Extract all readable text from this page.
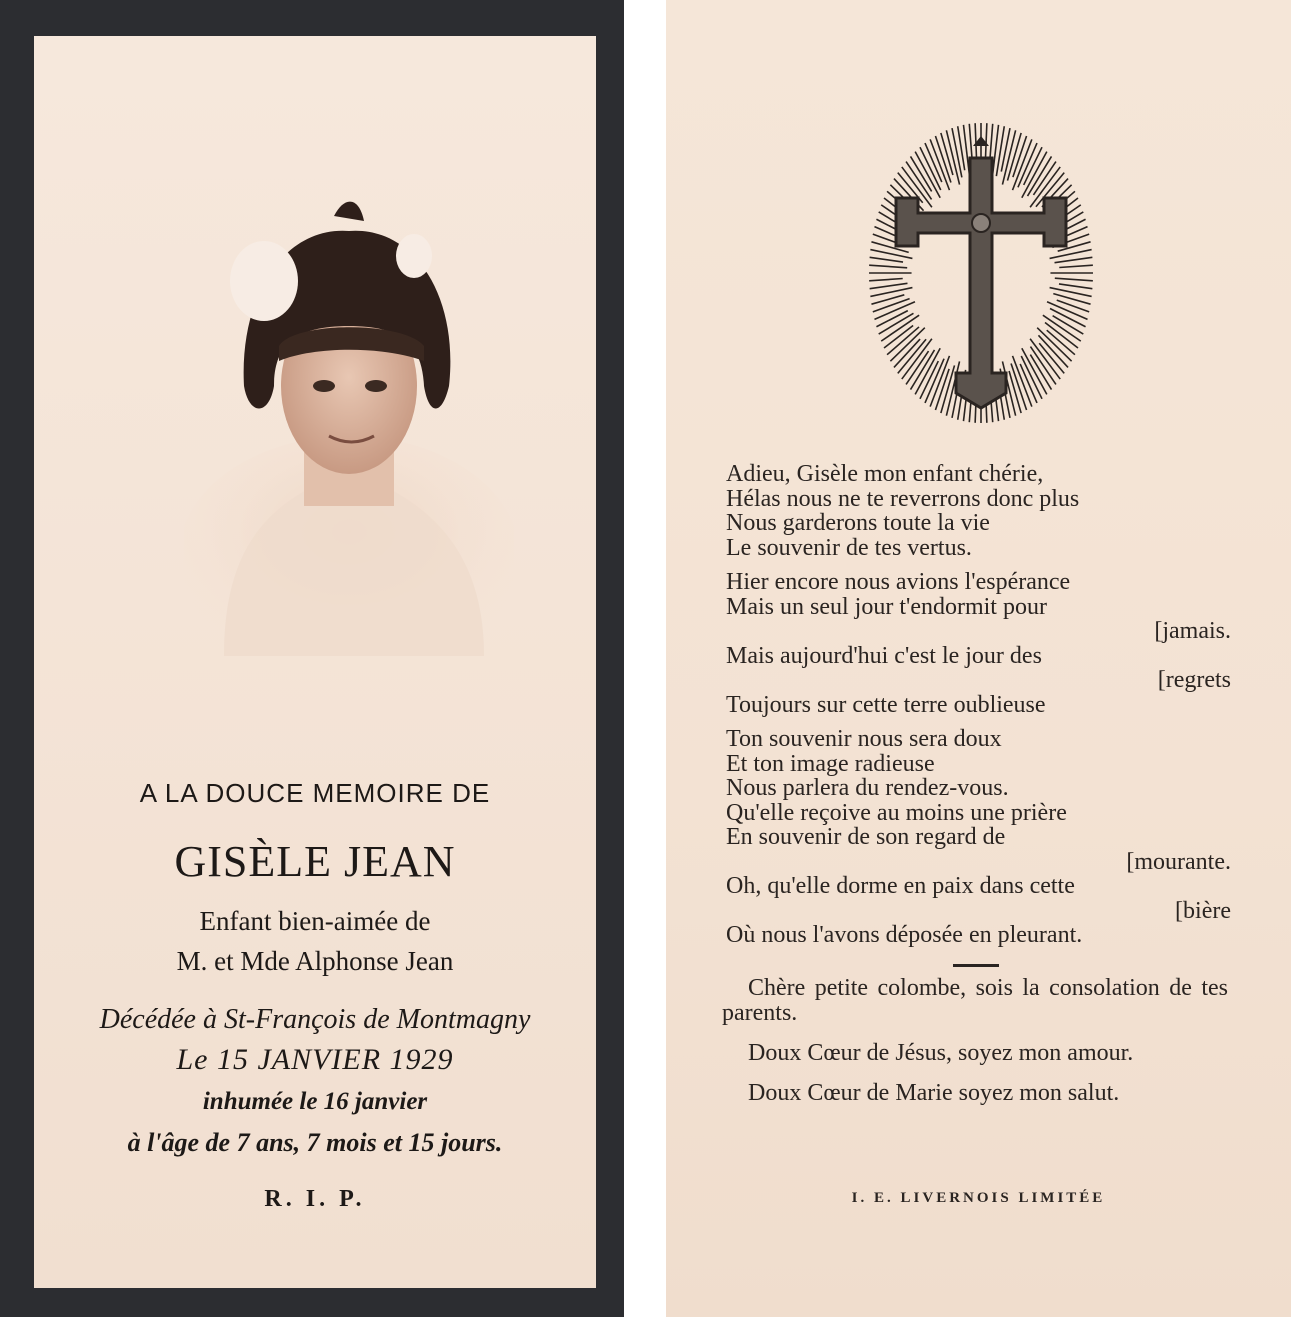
A LA DOUCE MEMOIRE DE
GISÈLE JEAN
Enfant bien-aimée de
M. et Mde Alphonse Jean
Décédée à St-François de Montmagny
Le 15 JANVIER 1929
inhumée le 16 janvier
à l'âge de 7 ans, 7 mois et 15 jours.
R. I. P.
Adieu, Gisèle mon enfant chérie,
Hélas nous ne te reverrons donc plus
Nous garderons toute la vie
Le souvenir de tes vertus.
Hier encore nous avions l'espérance
Mais un seul jour t'endormit pour
[jamais.
Mais aujourd'hui c'est le jour des
[regrets
Toujours sur cette terre oublieuse
Ton souvenir nous sera doux
Et ton image radieuse
Nous parlera du rendez-vous.
Qu'elle reçoive au moins une prière
En souvenir de son regard de
[mourante.
Oh, qu'elle dorme en paix dans cette
[bière
Où nous l'avons déposée en pleurant.

Chère petite colombe, sois la consolation de tes parents.

Doux Cœur de Jésus, soyez mon amour.

Doux Cœur de Marie soyez mon salut.

I. E. LIVERNOIS LIMITÉE
